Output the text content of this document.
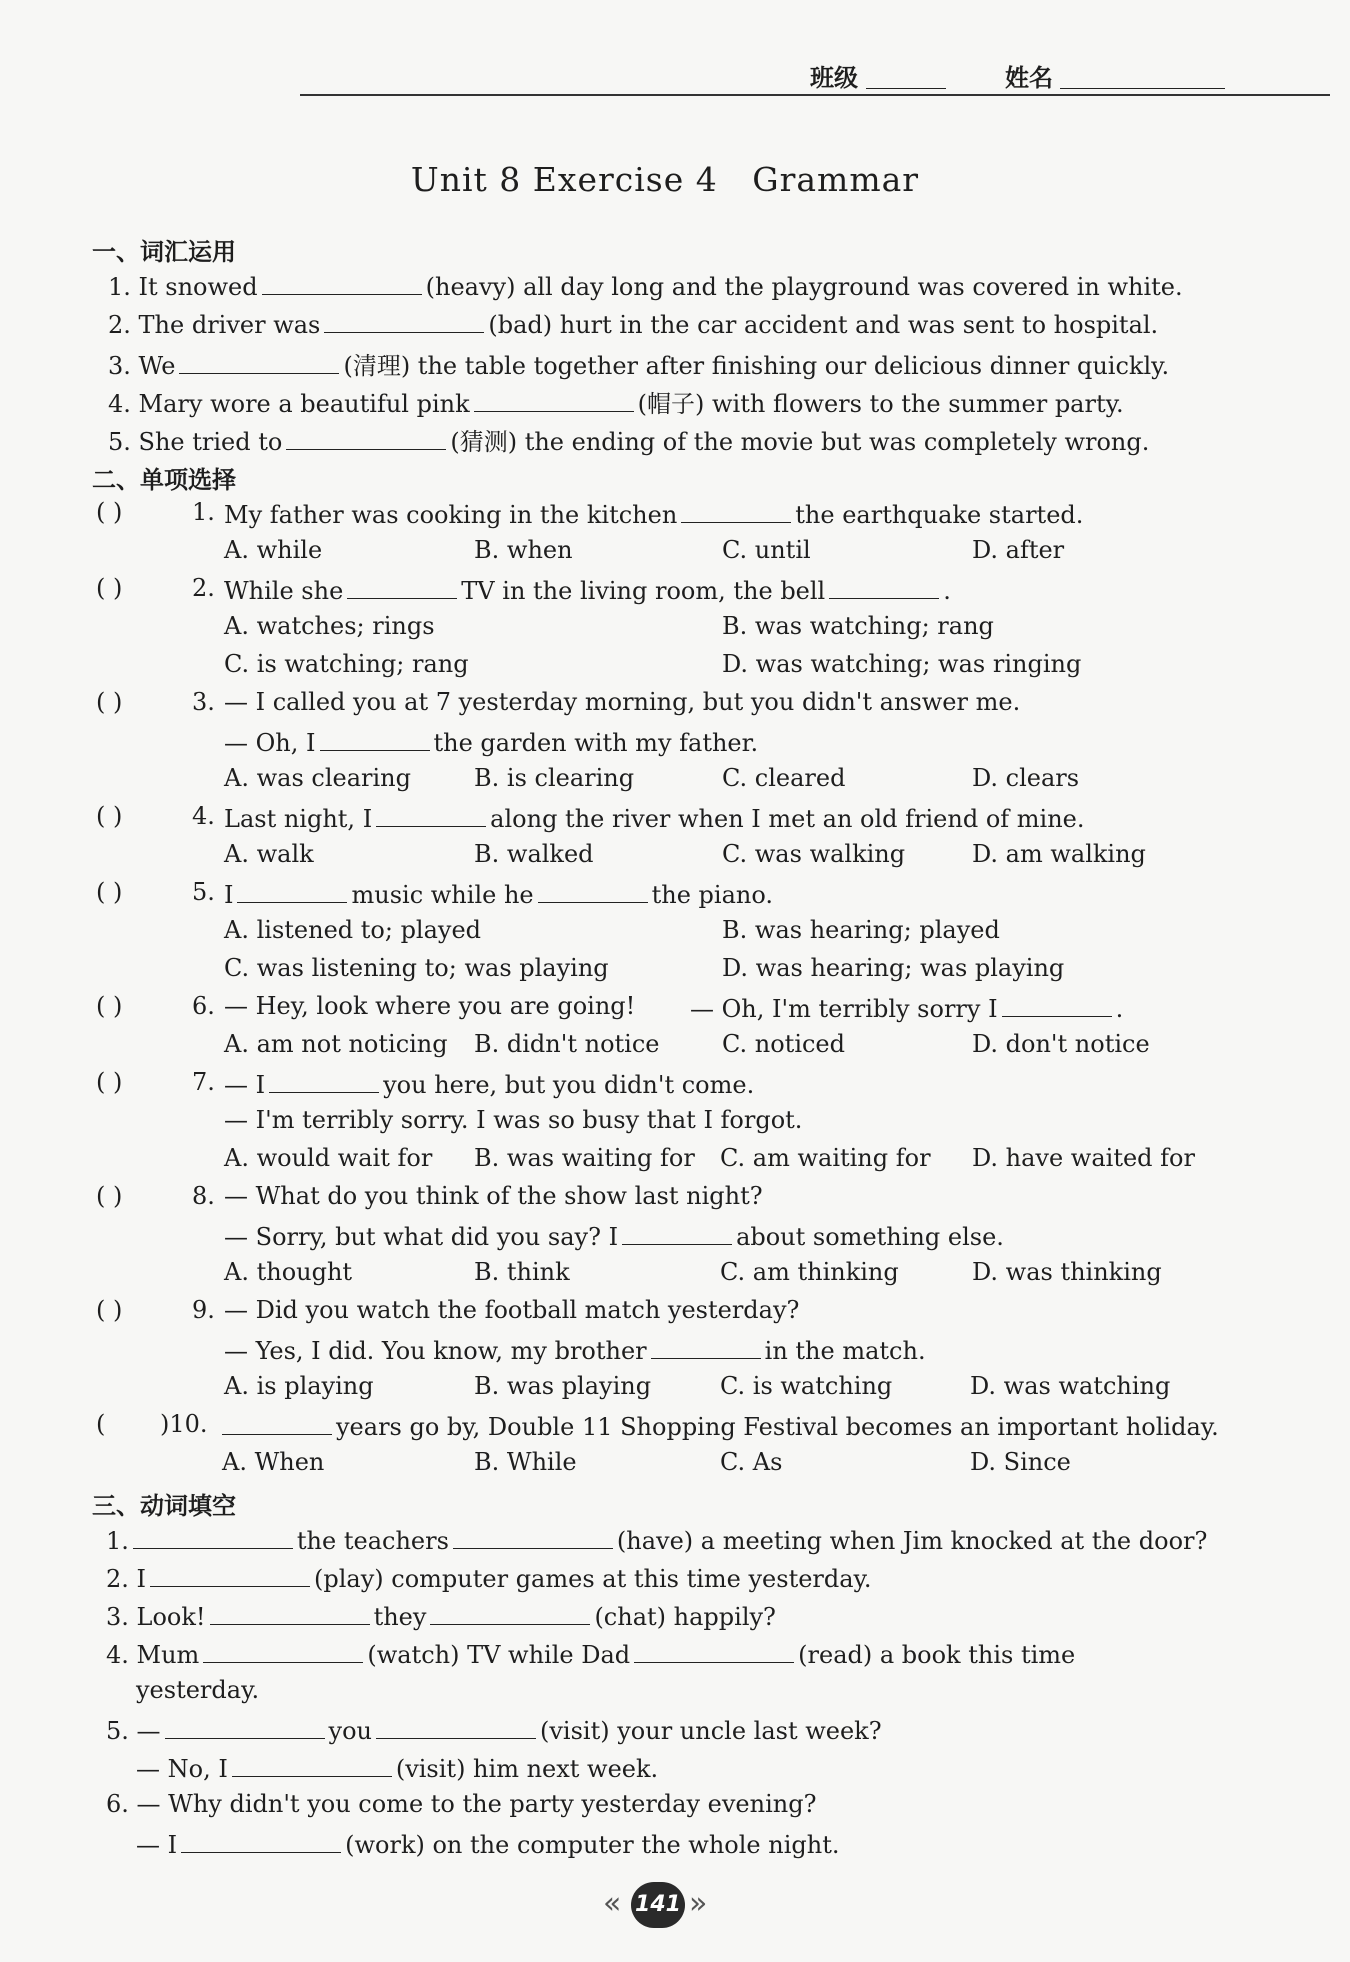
班级	姓名
Unit 8 Exercise 4   Grammar
一、词汇运用
1. It snowed	(heavy) all day long and the playground was covered in white.
2. The driver was	(bad) hurt in the car accident and was sent to hospital.
3. We	(清理) the table together after finishing our delicious dinner quickly.
4. Mary wore a beautiful pink	(帽子) with flowers to the summer party.
5. She tried to	(猜测) the ending of the movie but was completely wrong.
二、单项选择
( )	1. My father was cooking in the kitchen	the earthquake started.
A. while	B. when	C. until	D. after
( )	2. While she	TV in the living room, the bell	.
A. watches; rings	B. was watching; rang
C. is watching; rang	D. was watching; was ringing
( )	3. — I called you at 7 yesterday morning, but you didn't answer me.
— Oh, I	the garden with my father.
A. was clearing	B. is clearing	C. cleared	D. clears
( )	4. Last night, I	along the river when I met an old friend of mine.
A. walk	B. walked	C. was walking	D. am walking
( )	5. I	music while he	the piano.
A. listened to; played	B. was hearing; played
C. was listening to; was playing	D. was hearing; was playing
( )	6. — Hey, look where you are going! — Oh, I'm terribly sorry I	.
A. am not noticing B. didn't notice	C. noticed	D. don't notice
( )	7. — I	you here, but you didn't come.
— I'm terribly sorry. I was so busy that I forgot.
A. would wait for B. was waiting for C. am waiting for D. have waited for
( )	8. — What do you think of the show last night?
— Sorry, but what did you say? I	about something else.
A. thought	B. think	C. am thinking	D. was thinking
( )	9. — Did you watch the football match yesterday?
— Yes, I did. You know, my brother	in the match.
A. is playing	B. was playing	C. is watching	D. was watching
( )10.	years go by, Double 11 Shopping Festival becomes an important holiday.
A. When	B. While	C. As	D. Since
三、动词填空
1.	the teachers	(have) a meeting when Jim knocked at the door?
2. I	(play) computer games at this time yesterday.
3. Look!	they	(chat) happily?
4. Mum	(watch) TV while Dad	(read) a book this time
yesterday.
5. —	you	(visit) your uncle last week?
— No, I	(visit) him next week.
6. — Why didn't you come to the party yesterday evening?
— I	(work) on the computer the whole night.
« 141 »
